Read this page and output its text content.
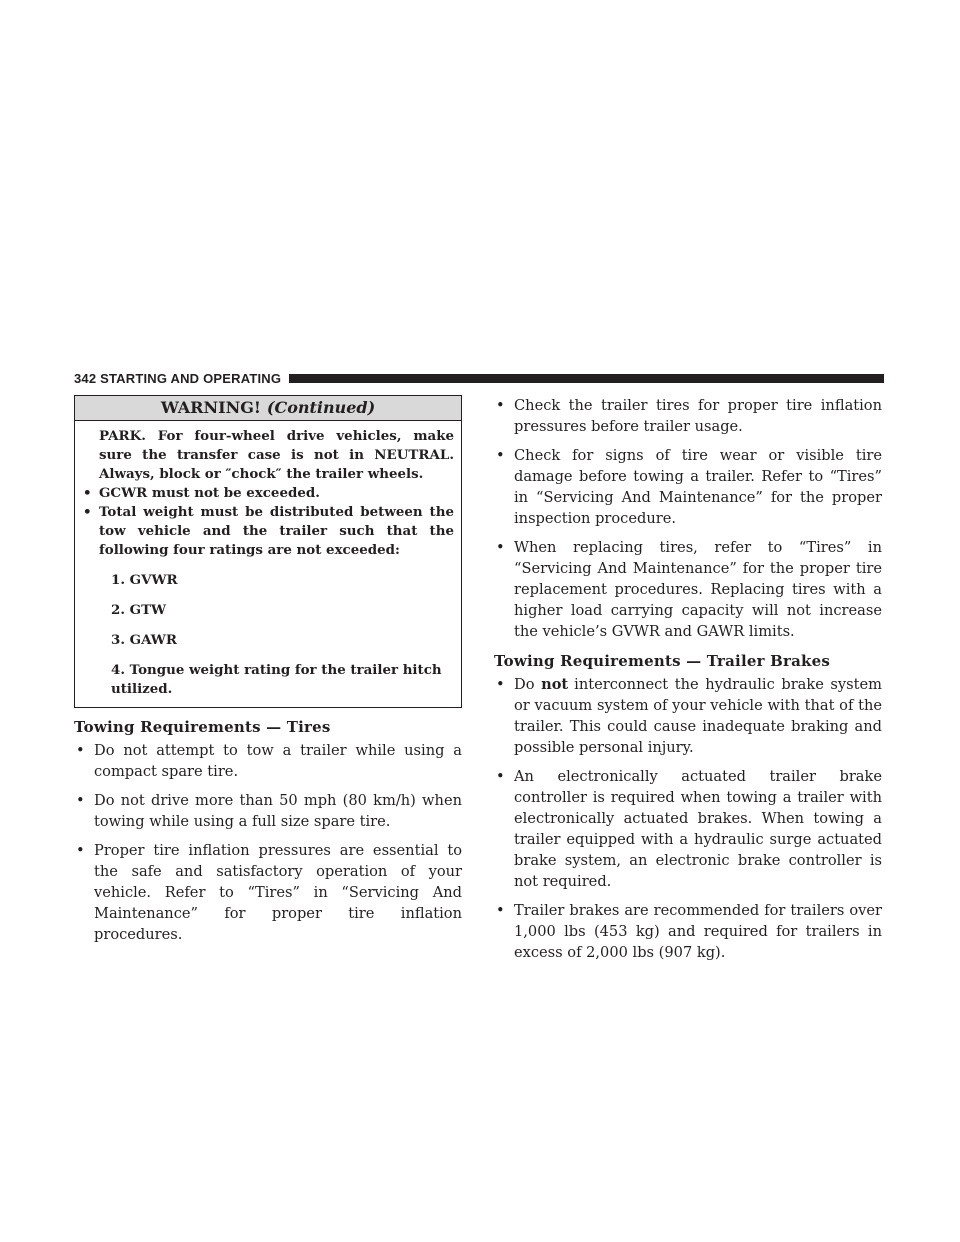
342 STARTING AND OPERATING
WARNING! (Continued)
PARK. For four-wheel drive vehicles, make sure the transfer case is not in NEUTRAL. Always, block or ″chock″ the trailer wheels.
• GCWR must not be exceeded.
• Total weight must be distributed between the tow vehicle and the trailer such that the following four ratings are not exceeded:
1. GVWR
2. GTW
3. GAWR
4. Tongue weight rating for the trailer hitch utilized.
Towing Requirements — Tires
• Do not attempt to tow a trailer while using a compact spare tire.
• Do not drive more than 50 mph (80 km/h) when towing while using a full size spare tire.
• Proper tire inflation pressures are essential to the safe and satisfactory operation of your vehicle. Refer to “Tires” in “Servicing And Maintenance” for proper tire inflation procedures.
• Check the trailer tires for proper tire inflation pressures before trailer usage.
• Check for signs of tire wear or visible tire damage before towing a trailer. Refer to “Tires” in “Servicing And Maintenance” for the proper inspection procedure.
• When replacing tires, refer to “Tires” in “Servicing And Maintenance” for the proper tire replacement procedures. Replacing tires with a higher load carrying capacity will not increase the vehicle’s GVWR and GAWR limits.
Towing Requirements — Trailer Brakes
• Do not interconnect the hydraulic brake system or vacuum system of your vehicle with that of the trailer. This could cause inadequate braking and possible personal injury.
• An electronically actuated trailer brake controller is required when towing a trailer with electronically actuated brakes. When towing a trailer equipped with a hydraulic surge actuated brake system, an electronic brake controller is not required.
• Trailer brakes are recommended for trailers over 1,000 lbs (453 kg) and required for trailers in excess of 2,000 lbs (907 kg).
